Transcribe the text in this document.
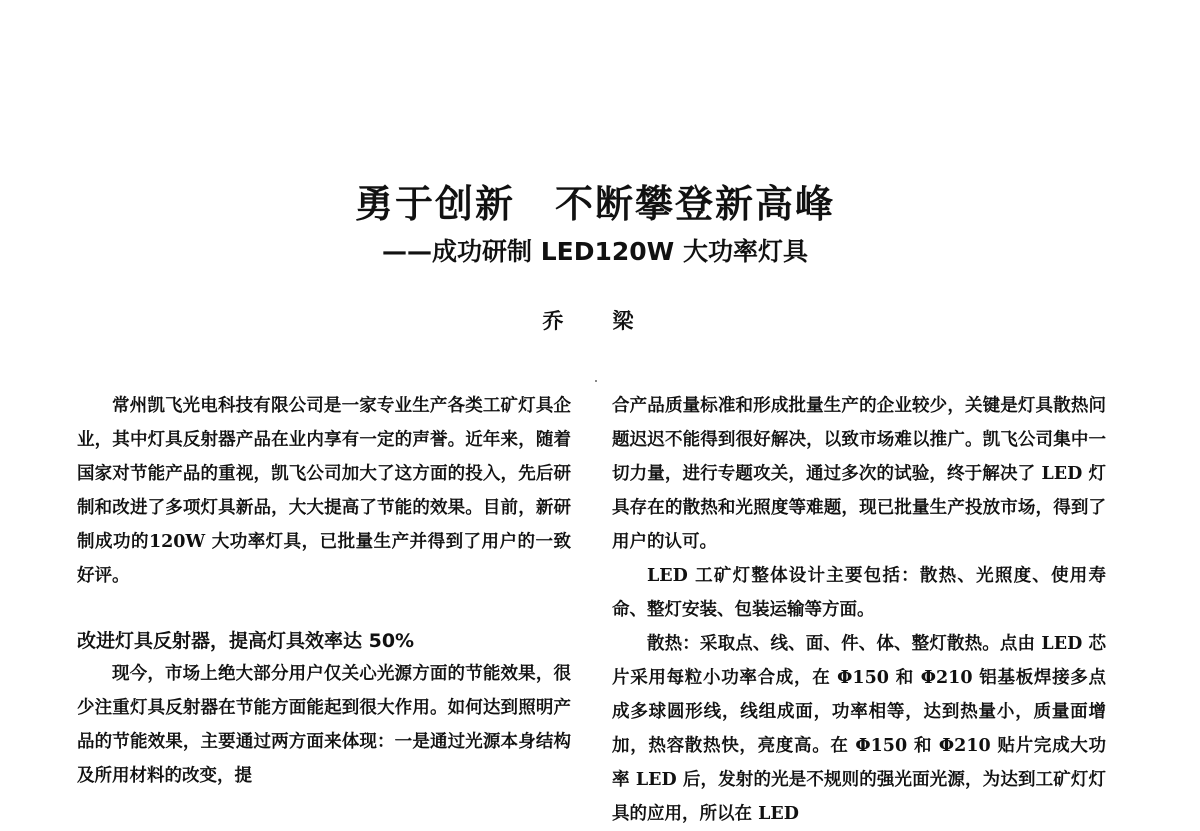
勇于创新　不断攀登新高峰
——成功研制 LED120W 大功率灯具
乔　梁

常州凯飞光电科技有限公司是一家专业生产各类工矿灯具企业，其中灯具反射器产品在业内享有一定的声誉。近年来，随着国家对节能产品的重视，凯飞公司加大了这方面的投入，先后研制和改进了多项灯具新品，大大提高了节能的效果。目前，新研制成功的120W 大功率灯具，已批量生产并得到了用户的一致好评。

改进灯具反射器，提高灯具效率达 50%

现今，市场上绝大部分用户仅关心光源方面的节能效果，很少注重灯具反射器在节能方面能起到很大作用。如何达到照明产品的节能效果，主要通过两方面来体现：一是通过光源本身结构及所用材料的改变，提

合产品质量标准和形成批量生产的企业较少，关键是灯具散热问题迟迟不能得到很好解决，以致市场难以推广。凯飞公司集中一切力量，进行专题攻关，通过多次的试验，终于解决了 LED 灯具存在的散热和光照度等难题，现已批量生产投放市场，得到了用户的认可。

LED 工矿灯整体设计主要包括：散热、光照度、使用寿命、整灯安装、包装运输等方面。

散热：采取点、线、面、件、体、整灯散热。点由 LED 芯片采用每粒小功率合成，在 Φ150 和 Φ210 铝基板焊接多点成多球圆形线，线组成面，功率相等，达到热量小，质量面增加，热容散热快，亮度高。在 Φ150 和 Φ210 贴片完成大功率 LED 后，发射的光是不规则的强光面光源，为达到工矿灯灯具的应用，所以在 LED
